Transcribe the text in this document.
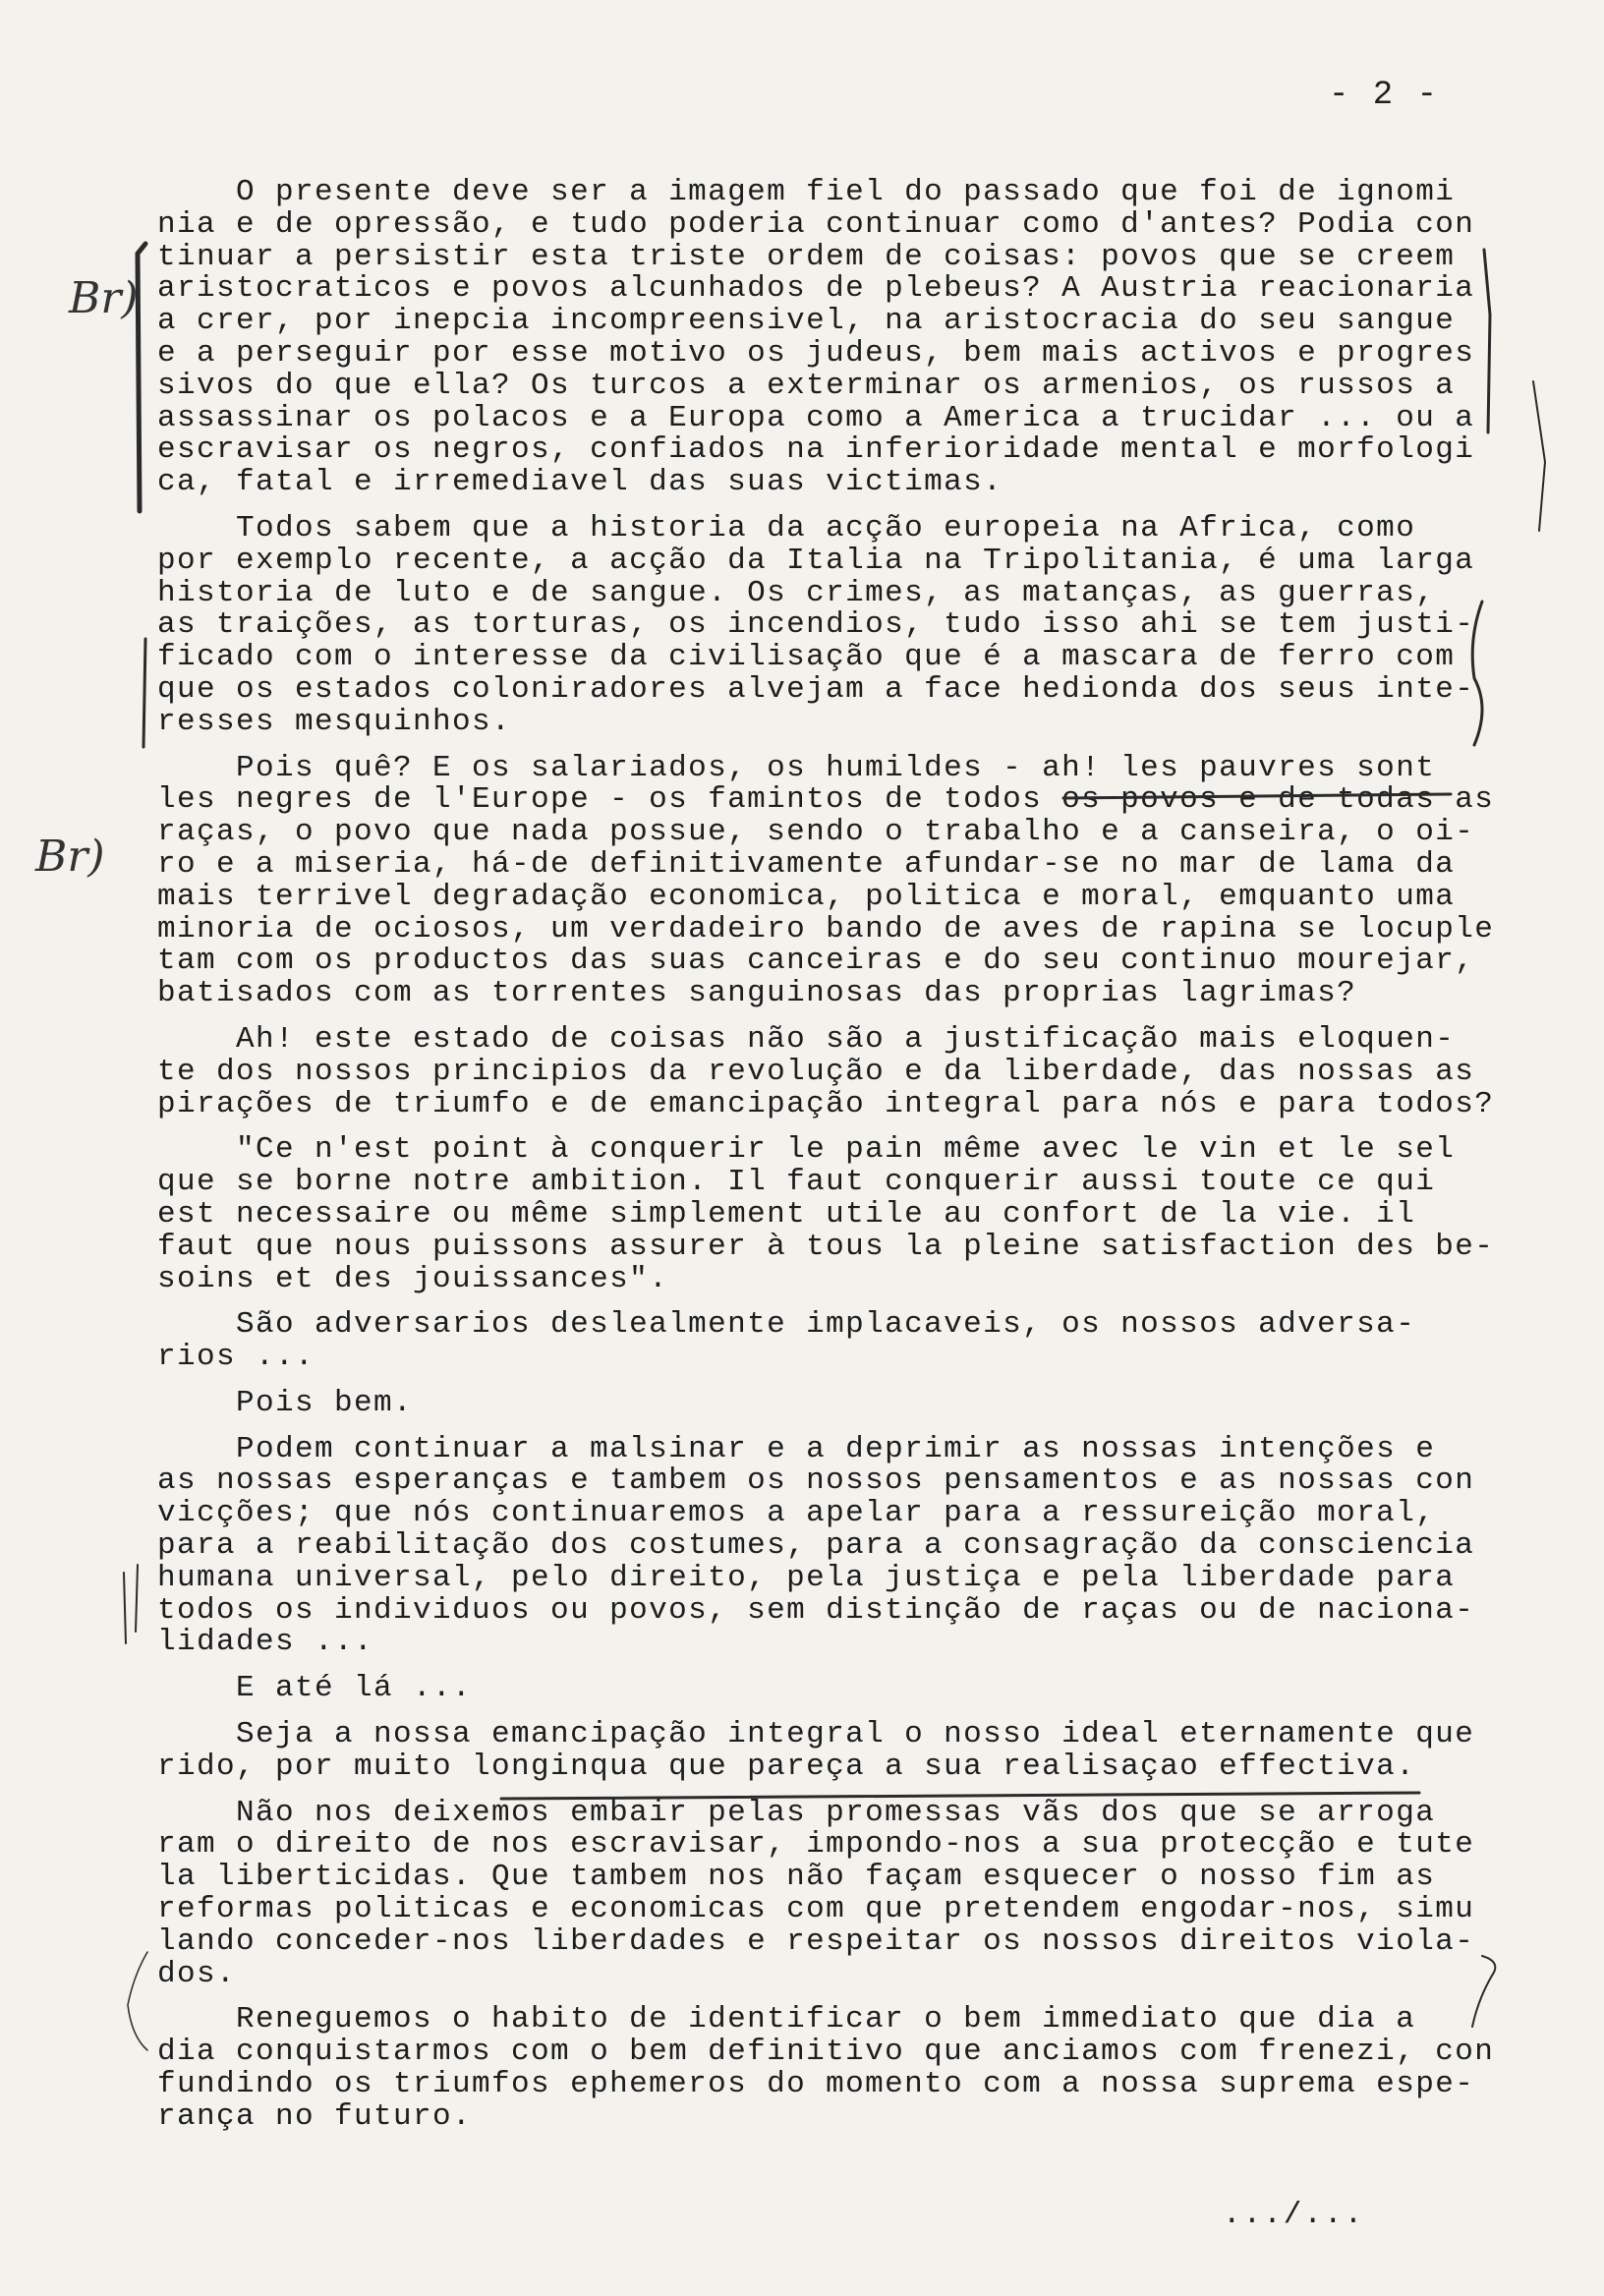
- 2 -
Br)
Br)
O presente deve ser a imagem fiel do passado que foi de ignomi
nia e de opressão, e tudo poderia continuar como d'antes? Podia con
tinuar a persistir esta triste ordem de coisas: povos que se creem
aristocraticos e povos alcunhados de plebeus? A Austria reacionaria
a crer, por inepcia incompreensivel, na aristocracia do seu sangue
e a perseguir por esse motivo os judeus, bem mais activos e progres
sivos do que ella? Os turcos a exterminar os armenios, os russos a
assassinar os polacos e a Europa como a America a trucidar ... ou a
escravisar os negros, confiados na inferioridade mental e morfologi
ca, fatal e irremediavel das suas victimas.
Todos sabem que a historia da acção europeia na Africa, como
por exemplo recente, a acção da Italia na Tripolitania, é uma larga
historia de luto e de sangue. Os crimes, as matanças, as guerras,
as traições, as torturas, os incendios, tudo isso ahi se tem justi-
ficado com o interesse da civilisação que é a mascara de ferro com
que os estados coloniradores alvejam a face hedionda dos seus inte-
resses mesquinhos.
Pois quê? E os salariados, os humildes - ah! les pauvres sont
les negres de l'Europe - os famintos de todos os povos e de todas as
raças, o povo que nada possue, sendo o trabalho e a canseira, o oi-
ro e a miseria, há-de definitivamente afundar-se no mar de lama da
mais terrivel degradação economica, politica e moral, emquanto uma
minoria de ociosos, um verdadeiro bando de aves de rapina se locuple
tam com os productos das suas canceiras e do seu continuo mourejar,
batisados com as torrentes sanguinosas das proprias lagrimas?
Ah! este estado de coisas não são a justificação mais eloquen-
te dos nossos principios da revolução e da liberdade, das nossas as
pirações de triumfo e de emancipação integral para nós e para todos?
"Ce n'est point à conquerir le pain même avec le vin et le sel
que se borne notre ambition. Il faut conquerir aussi toute ce qui
est necessaire ou même simplement utile au confort de la vie. il
faut que nous puissons assurer à tous la pleine satisfaction des be-
soins et des jouissances".
São adversarios deslealmente implacaveis, os nossos adversa-
rios ...
Pois bem.
Podem continuar a malsinar e a deprimir as nossas intenções e
as nossas esperanças e tambem os nossos pensamentos e as nossas con
vicções; que nós continuaremos a apelar para a ressureição moral,
para a reabilitação dos costumes, para a consagração da consciencia
humana universal, pelo direito, pela justiça e pela liberdade para
todos os individuos ou povos, sem distinção de raças ou de naciona-
lidades ...
E até lá ...
Seja a nossa emancipação integral o nosso ideal eternamente que
rido, por muito longinqua que pareça a sua realisaçao effectiva.
Não nos deixemos embair pelas promessas vãs dos que se arroga
ram o direito de nos escravisar, impondo-nos a sua protecção e tute
la liberticidas. Que tambem nos não façam esquecer o nosso fim as
reformas politicas e economicas com que pretendem engodar-nos, simu
lando conceder-nos liberdades e respeitar os nossos direitos viola-
dos.
Reneguemos o habito de identificar o bem immediato que dia a
dia conquistarmos com o bem definitivo que anciamos com frenezi, con
fundindo os triumfos ephemeros do momento com a nossa suprema espe-
rança no futuro.
.../...
